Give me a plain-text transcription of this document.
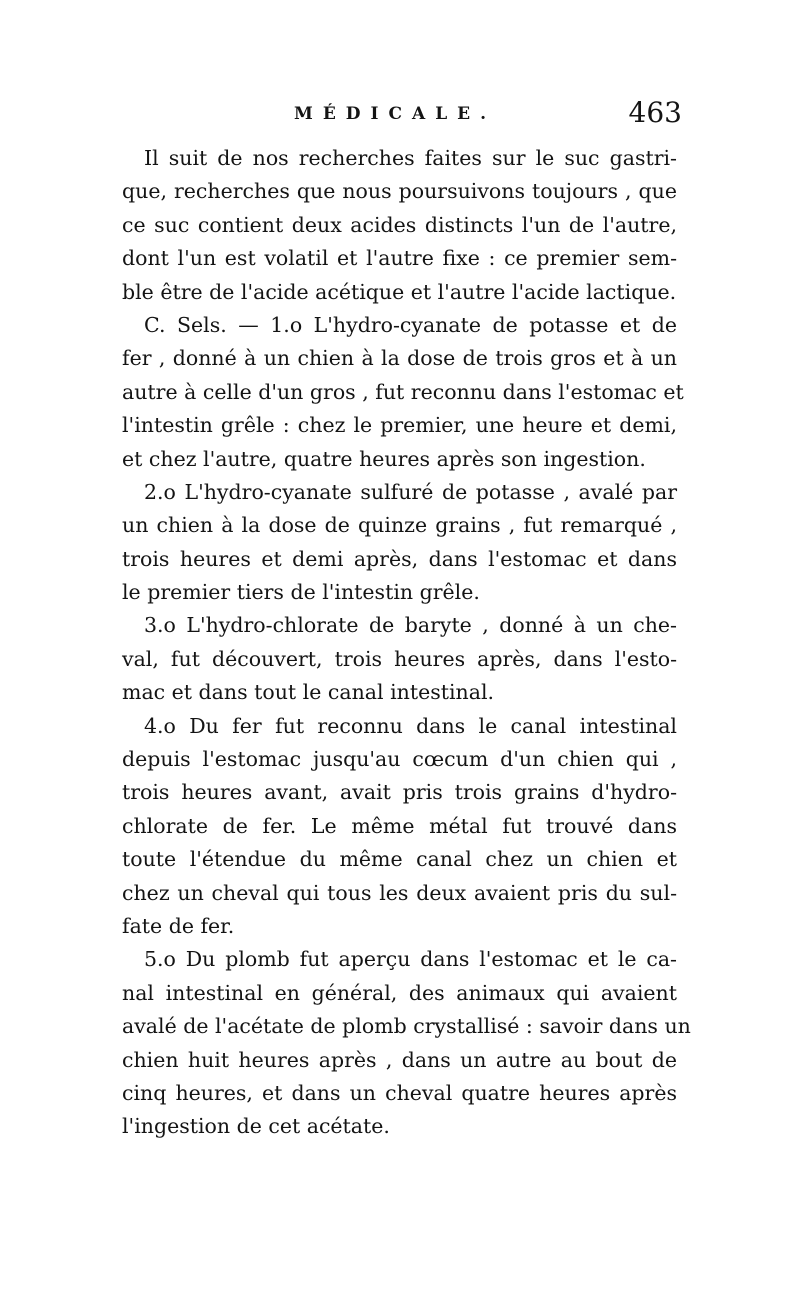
MÉDICALE.	463
Il suit de nos recherches faites sur le suc gastri-
que, recherches que nous poursuivons toujours , que
ce suc contient deux acides distincts l'un de l'autre,
dont l'un est volatil et l'autre fixe : ce premier sem-
ble être de l'acide acétique et l'autre l'acide lactique.
C. Sels. — 1.o L'hydro-cyanate de potasse et de
fer , donné à un chien à la dose de trois gros et à un
autre à celle d'un gros , fut reconnu dans l'estomac et
l'intestin grêle : chez le premier, une heure et demi,
et chez l'autre, quatre heures après son ingestion.
2.o L'hydro-cyanate sulfuré de potasse , avalé par
un chien à la dose de quinze grains , fut remarqué ,
trois heures et demi après, dans l'estomac et dans
le premier tiers de l'intestin grêle.
3.o L'hydro-chlorate de baryte , donné à un che-
val, fut découvert, trois heures après, dans l'esto-
mac et dans tout le canal intestinal.
4.o Du fer fut reconnu dans le canal intestinal
depuis l'estomac jusqu'au cœcum d'un chien qui ,
trois heures avant, avait pris trois grains d'hydro-
chlorate de fer. Le même métal fut trouvé dans
toute l'étendue du même canal chez un chien et
chez un cheval qui tous les deux avaient pris du sul-
fate de fer.
5.o Du plomb fut aperçu dans l'estomac et le ca-
nal intestinal en général, des animaux qui avaient
avalé de l'acétate de plomb crystallisé : savoir dans un
chien huit heures après , dans un autre au bout de
cinq heures, et dans un cheval quatre heures après
l'ingestion de cet acétate.
